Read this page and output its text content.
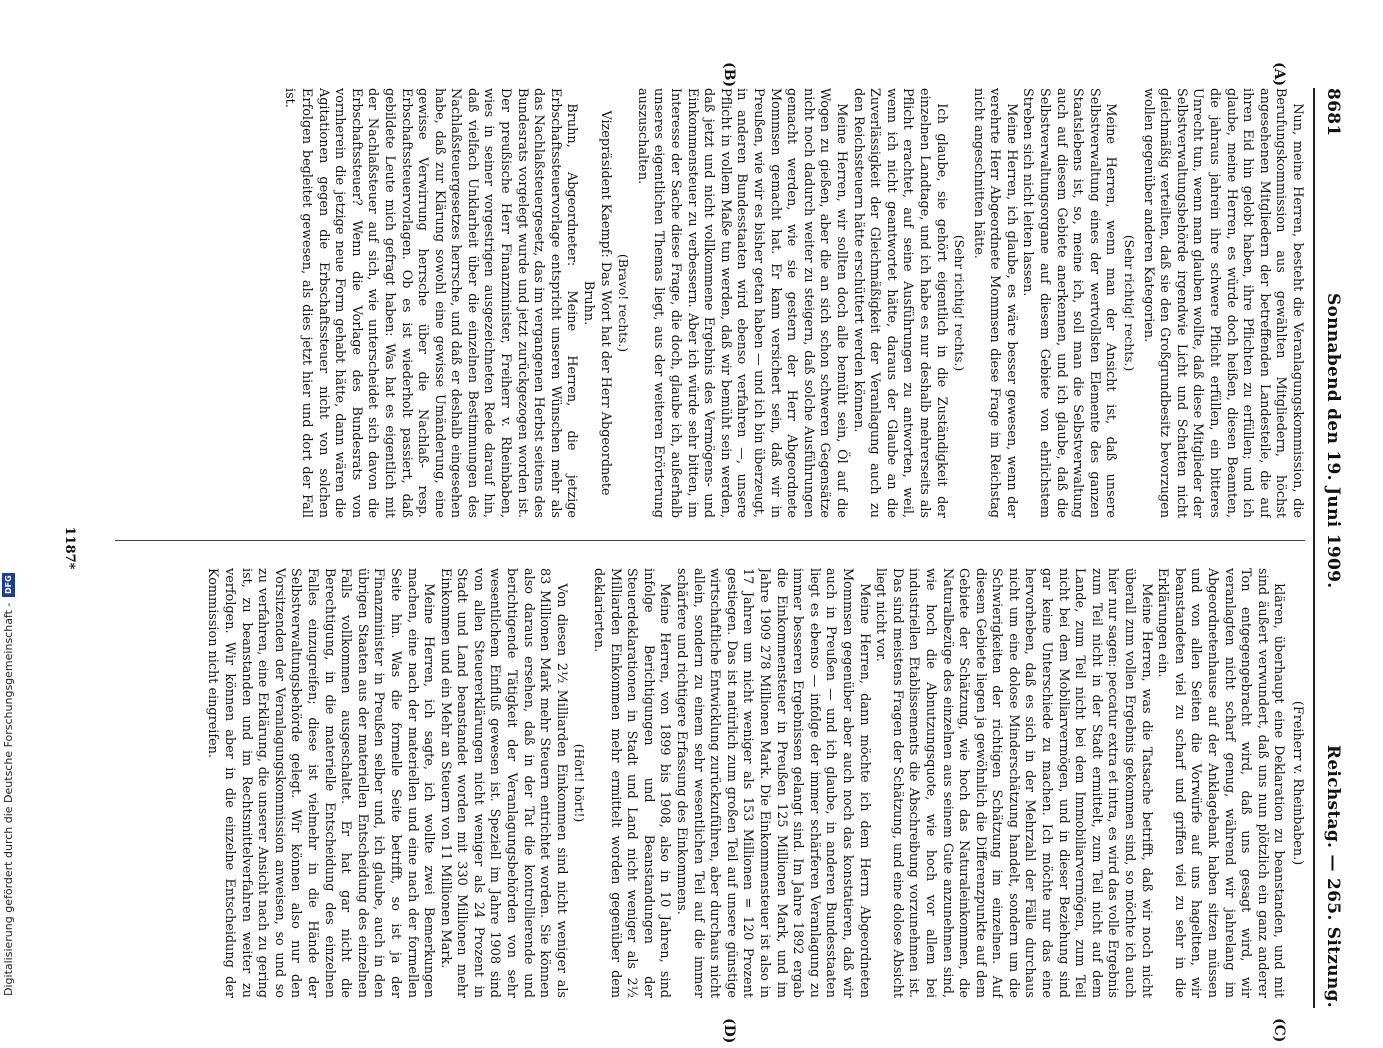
8681
Sonnabend den 19. Juni 1909.
Reichstag. — 265. Sitzung.
(C)
(D)
(A)
(B)

Nun, meine Herren, besteht die Veranlagungskommission, die Berufungskommission aus gewählten Mitgliedern, höchst angesehenen Mitgliedern der betreffenden Landesteile, die auf ihren Eid hin gelobt haben, ihre Pflichten zu erfüllen; und ich glaube, meine Herren, es würde doch heißen, diesen Beamten, die jahraus jahrein ihre schwere Pflicht erfüllen, ein bitteres Unrecht tun, wenn man glauben wollte, daß diese Mitglieder der Selbstverwaltungsbehörde irgendwie Licht und Schatten nicht gleichmäßig verteilten, daß sie den Großgrundbesitz bevorzugen wollen gegenüber anderen Kategorien.

(Sehr richtig! rechts.)

Meine Herren, wenn man der Ansicht ist, daß unsere Selbstverwaltung eines der wertvollsten Elemente des ganzen Staatslebens ist, so, meine ich, soll man die Selbstverwaltung auch auf diesem Gebiete anerkennen, und ich glaube, daß die Selbstverwaltungsorgane auf diesem Gebiete von ehrlichstem Streben sich nicht leiten lassen.

Meine Herren, ich glaube, es wäre besser gewesen, wenn der verehrte Herr Abgeordnete Mommsen diese Frage im Reichstag nicht angeschnitten hätte.

(Sehr richtig! rechts.)

Ich glaube, sie gehört eigentlich in die Zuständigkeit der einzelnen Landtage, und ich habe es nur deshalb mehrerseits als Pflicht erachtet, auf seine Ausführungen zu antworten, weil, wenn ich nicht geantwortet hätte, daraus der Glaube an die Zuverlässigkeit der Gleichmäßigkeit der Veranlagung auch zu den Reichssteuern hätte erschüttert werden können.

Meine Herren, wir sollten doch alle bemüht sein, Öl auf die Wogen zu gießen, aber die an sich schon schweren Gegensätze nicht noch dadurch weiter zu steigern, daß solche Ausführungen gemacht werden, wie sie gestern der Herr Abgeordnete Mommsen gemacht hat. Er kann versichert sein, daß wir in Preußen, wie wir es bisher getan haben — und ich bin überzeugt, in anderen Bundesstaaten wird ebenso verfahren —, unsere Pflicht in vollem Maße tun werden, daß wir bemüht sein werden, daß jetzt und nicht vollkommene Ergebnis des Vermögens- und Einkommensteuer zu verbessern. Aber ich würde sehr bitten, im Interesse der Sache diese Frage, die doch, glaube ich, außerhalb unseres eigentlichen Themas liegt, aus der weiteren Erörterung auszuschalten.

(Bravo! rechts.)

Vizepräsident Kaempf: Das Wort hat der Herr Abgeordnete Bruhn.

Bruhn, Abgeordneter: Meine Herren, die jetzige Erbschaftssteuervorlage entspricht unseren Wünschen mehr als das Nachlaßsteuergesetz, das im vergangenen Herbst seitens des Bundesrats vorgelegt wurde und jetzt zurückgezogen worden ist. Der preußische Herr Finanzminister, Freiherr v. Rheinbaben, wies in seiner vorgestrigen ausgezeichneten Rede darauf hin, daß vielfach Unklarheit über die einzelnen Bestimmungen des Nachlaßsteuergesetzes herrsche, und daß er deshalb eingesehen habe, daß zur Klärung sowohl eine gewisse Umänderung, eine gewisse Verwirrung herrsche über die Nachlaß- resp. Erbschaftssteuervorlagen. Ob es ist wiederholt passiert, daß gebildete Leute mich gefragt haben: Was hat es eigentlich mit der Nachlaßsteuer auf sich, wie unterscheidet sich davon die Erbschaftssteuer? Wenn die Vorlage des Bundesrats von vornherein die jetzige neue Form gehabt hätte, dann wären die Agitationen gegen die Erbschaftssteuer nicht von solchen Erfolgen begleitet gewesen, als dies jetzt hier und dort der Fall ist.

(Freiherr v. Rheinbaben.)

klären, überhaupt eine Deklaration zu beanstanden, und mit sind äußert verwundert, daß uns nun plötzlich ein ganz anderer Ton entgegengebracht wird, daß uns gesagt wird, wir veranlagten nicht scharf genug, während wir jahrelang im Abgeordnetenhause auf der Anklagebank haben sitzen müssen und von allen Seiten die Vorwürfe auf uns hageltten, wir beanstandeten viel zu scharf und griffen viel zu sehr in die Erklärungen ein.

Meine Herren, was die Tatsache betrifft, daß wir noch nicht überall zum vollen Ergebnis gekommen sind, so möchte ich auch hier nur sagen: peccatur extra et intra, es wird das volle Ergebnis zum Teil nicht in der Stadt ermittelt, zum Teil nicht auf dem Lande, zum Teil nicht bei dem Immobiliarvermögen, zum Teil nicht bei dem Mobiliarvermögen, und in dieser Beziehung sind gar keine Unterschiede zu machen. Ich möchte nur das eine hervorheben, daß es sich in der Mehrzahl der Fälle durchaus nicht um eine dolose Minderschätzung handelt, sondern um die Schwierigkeiten der richtigen Schätzung im einzelnen. Auf diesem Gebiete liegen ja gewöhnlich die Differenzpunkte auf dem Gebiete der Schätzung, wie hoch das Naturaleinkommen, die Naturalbezüge des einzelnen aus seinem Gute anzunehmen sind, wie hoch die Abnutzungsquote, wie hoch vor allem bei industriellen Etablissements die Abschreibung vorzunehmen ist. Das sind meistens Fragen der Schätzung, und eine dolose Absicht liegt nicht vor.

Meine Herren, dann möchte ich dem Herrn Abgeordneten Mommsen gegenüber aber auch noch das konstatieren, daß wir auch in Preußen — und ich glaube, in anderen Bundesstaaten liegt es ebenso — infolge der immer schärferen Veranlagung zu immer besseren Ergebnissen gelangt sind. Im Jahre 1892 ergab die Einkommensteuer in Preußen 125 Millionen Mark, und im Jahre 1909 278 Millionen Mark. Die Einkommensteuer ist also in 17 Jahren um nicht weniger als 153 Millionen = 120 Prozent gestiegen. Das ist natürlich zum großen Teil auf unsere günstige wirtschaftliche Entwicklung zurückzuführen, aber durchaus nicht allein, sondern zu einem sehr wesentlichen Teil auf die immer schärfere und richtigere Erfassung des Einkommens.

Meine Herren, von 1899 bis 1908, also in 10 Jahren, sind infolge Berichtigungen und Beanstandungen der Steuerdeklarationen in Stadt und Land nicht weniger als 2½ Milliarden Einkommen mehr ermittelt worden gegenüber dem deklarierten.

(Hört! hört!)

Von diesen 2½ Milliarden Einkommen sind nicht weniger als 83 Millionen Mark mehr Steuern entrichtet worden. Sie können also daraus ersehen, daß in der Tat die kontrollierende und berichtigende Tätigkeit der Veranlagungsbehörden von sehr wesentlichem Einfluß gewesen ist. Speziell im Jahre 1908 sind von allen Steuererklärungen nicht weniger als 24 Prozent in Stadt und Land beanstandet worden mit 330 Millionen mehr Einkommen und ein Mehr an Steuern von 11 Millionen Mark.

Meine Herren, ich sagte, ich wollte zwei Bemerkungen machen, eine nach der materiellen und eine nach der formellen Seite hin. Was die formelle Seite betrifft, so ist ja der Finanzminister in Preußen selber und, ich glaube, auch in den übrigen Staaten aus der materiellen Entscheidung des einzelnen Falls vollkommen ausgeschaltet. Er hat gar nicht die Berechtigung, in die materielle Entscheidung des einzelnen Falles einzugreifen; diese ist vielmehr in die Hände der Selbstverwaltungsbehörde gelegt. Wir können also nur den Vorsitzenden der Veranlagungskommission anweisen, so und so zu verfahren, eine Erklärung, die unserer Ansicht nach zu gering ist, zu beanstanden und im Rechtsmittelverfahren weiter zu verfolgen. Wir können aber in die einzelne Entscheidung der Kommission nicht eingreifen.

1187*
Digitalisierung gefördert durch die Deutsche Forschungsgemeinschaft -
DFG
